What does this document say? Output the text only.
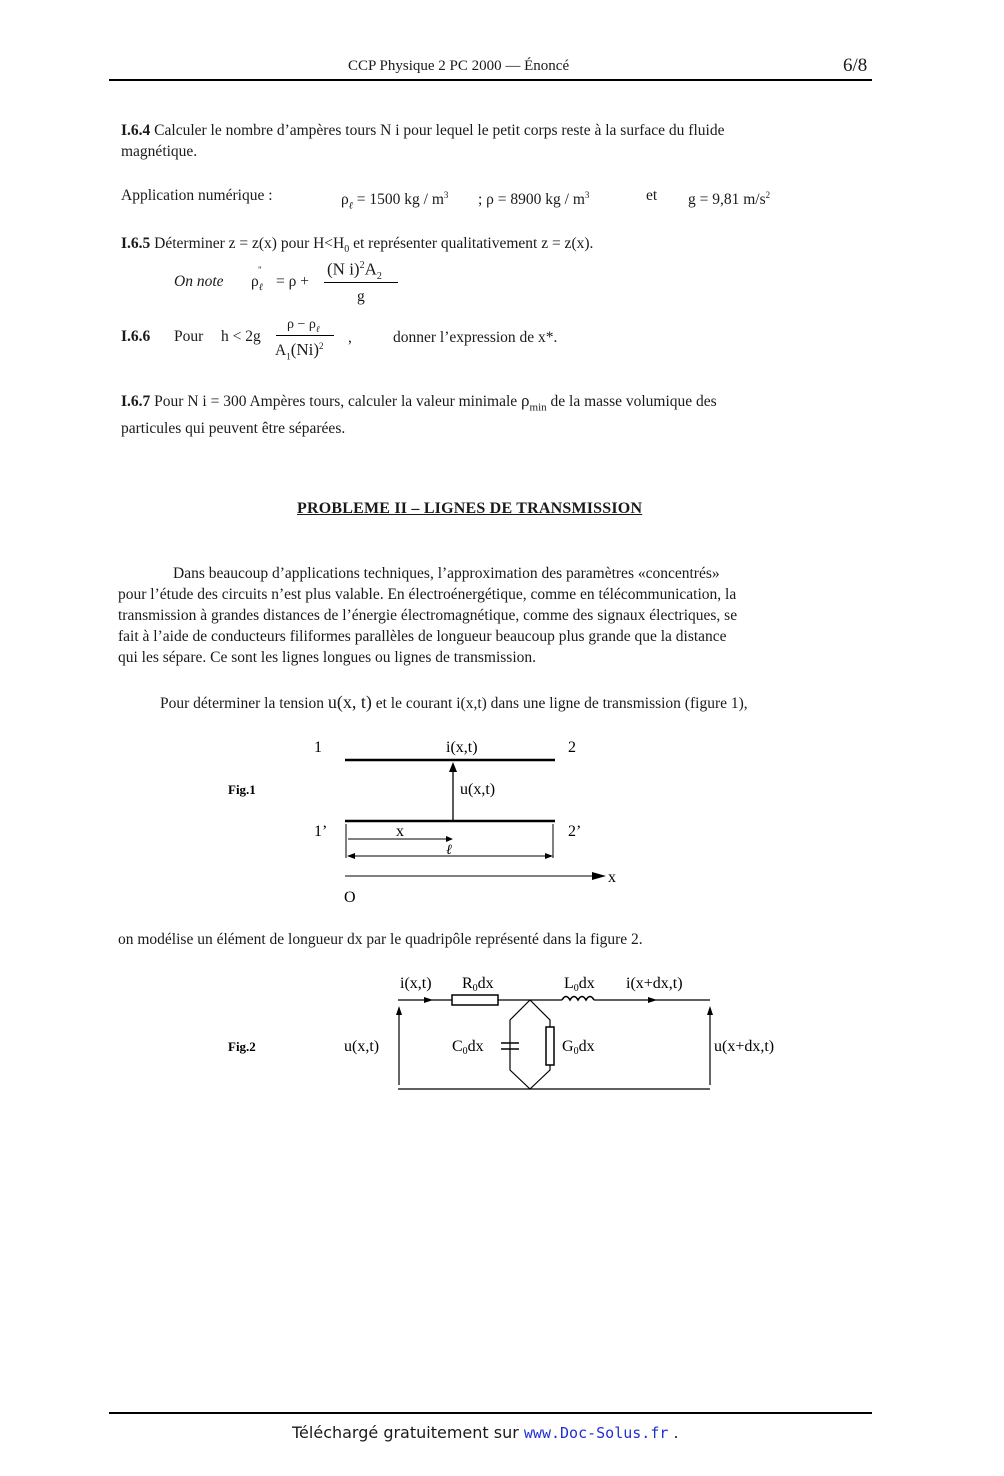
CCP Physique 2 PC 2000 — Énoncé	6/8
I.6.4 Calculer le nombre d’ampères tours N i pour lequel le petit corps reste à la surface du fluide
magnétique.
Application numérique :	$\rho_\ell = 1500$ kg / $m^3$ ; ρ = 8900 kg / $m^3$	et g = 9,81 $m/s^2$
I.6.5 Déterminer z = z(x) pour $H<H_0$ et représenter qualitativement z = z(x).
On note $\rho_\ell$
"
= ρ +
(N $i)^2A_2$
g
I.6.6 Pour h < 2g
$\rho - \rho_\ell$
$A_1(Ni)^2$ ,	donner l’expression de x*.
I.6.7 Pour N i = 300 Ampères tours, calculer la valeur minimale $\rho_{min}$ de la masse volumique des
particules qui peuvent être séparées.
PROBLEME II – LIGNES DE TRANSMISSION
Dans beaucoup d’applications techniques, l’approximation des paramètres «concentrés»
pour l’étude des circuits n’est plus valable. En électroénergétique, comme en télécommunication, la
transmission à grandes distances de l’énergie électromagnétique, comme des signaux électriques, se
fait à l’aide de conducteurs filiformes parallèles de longueur beaucoup plus grande que la distance
qui les sépare. Ce sont les lignes longues ou lignes de transmission.
Pour déterminer la tension u(x, t) et le courant i(x,t) dans une ligne de transmission (figure 1),
Fig.1
1	2
1’	2’
i(x,t)
u(x,t)
x
ℓ
x
O
on modélise un élément de longueur dx par le quadripôle représenté dans la figure 2.
Fig.2
i(x,t) R0dx	L0dx i(x+dx,t)
u(x,t)	u(x+dx,t)
C0dx	G0dx
Téléchargé gratuitement sur www.Doc-Solus.fr .
